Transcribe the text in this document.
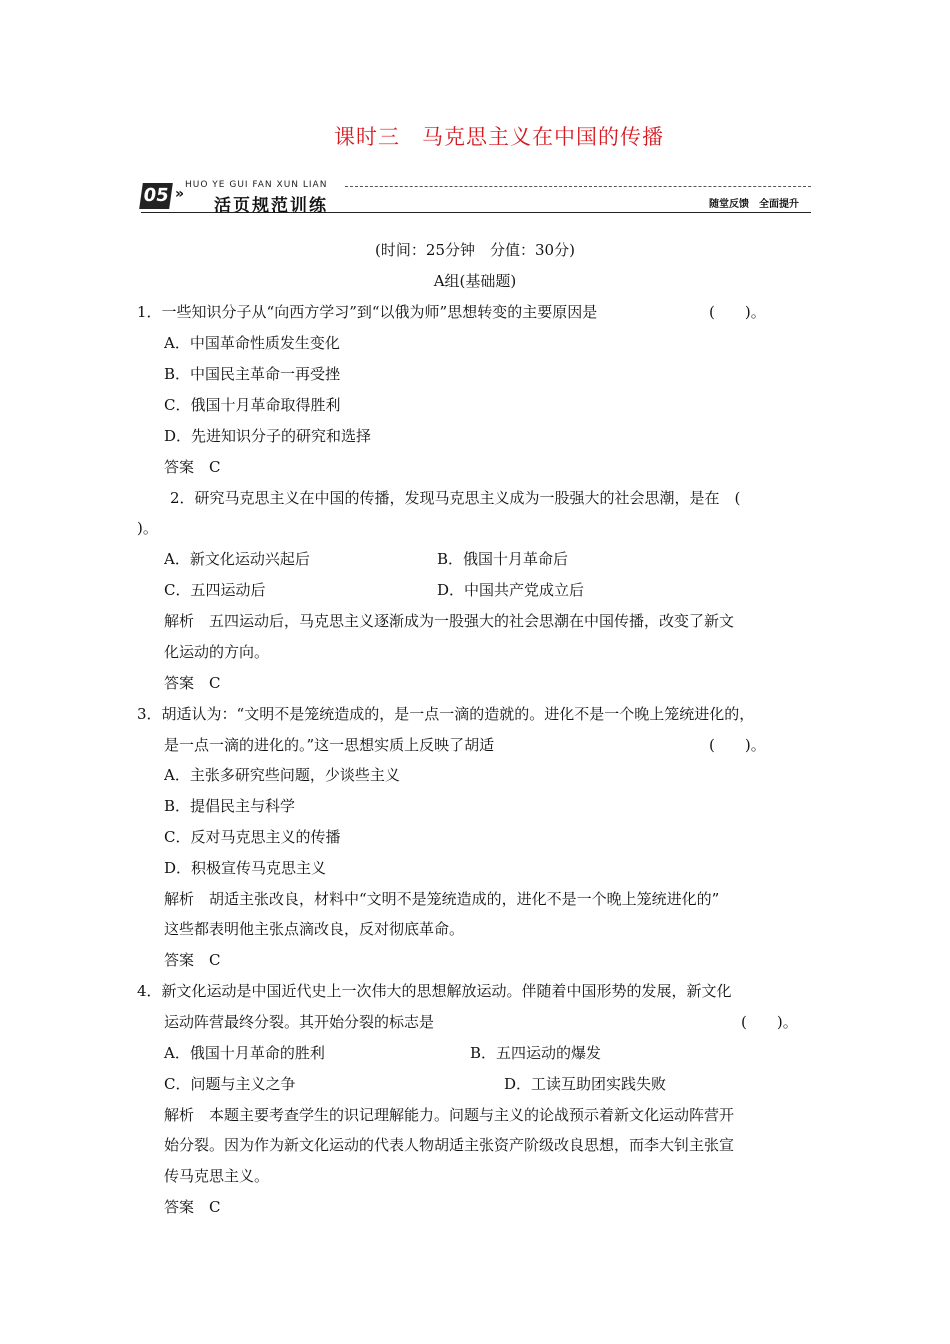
课时三　马克思主义在中国的传播
05 »
HUO YE GUI FAN XUN LIAN
活页规范训练	随堂反馈　全面提升
(时间：25分钟　分值：30分)
A组(基础题)
1．一些知识分子从“向西方学习”到“以俄为师”思想转变的主要原因是	(　　)。
A．中国革命性质发生变化
B．中国民主革命一再受挫
C．俄国十月革命取得胜利
D．先进知识分子的研究和选择
答案　C
2．研究马克思主义在中国的传播，发现马克思主义成为一股强大的社会思潮，是在　(
)。
A．新文化运动兴起后	B．俄国十月革命后
C．五四运动后	D．中国共产党成立后
解析　五四运动后，马克思主义逐渐成为一股强大的社会思潮在中国传播，改变了新文
化运动的方向。
答案　C
3．胡适认为：“文明不是笼统造成的，是一点一滴的造就的。进化不是一个晚上笼统进化的，
是一点一滴的进化的。”这一思想实质上反映了胡适	(　　)。
A．主张多研究些问题，少谈些主义
B．提倡民主与科学
C．反对马克思主义的传播
D．积极宣传马克思主义
解析　胡适主张改良，材料中“文明不是笼统造成的，进化不是一个晚上笼统进化的”
这些都表明他主张点滴改良，反对彻底革命。
答案　C
4．新文化运动是中国近代史上一次伟大的思想解放运动。伴随着中国形势的发展，新文化
运动阵营最终分裂。其开始分裂的标志是	(　　)。
A．俄国十月革命的胜利	B．五四运动的爆发
C．问题与主义之争	D．工读互助团实践失败
解析　本题主要考查学生的识记理解能力。问题与主义的论战预示着新文化运动阵营开
始分裂。因为作为新文化运动的代表人物胡适主张资产阶级改良思想，而李大钊主张宣
传马克思主义。
答案　C
